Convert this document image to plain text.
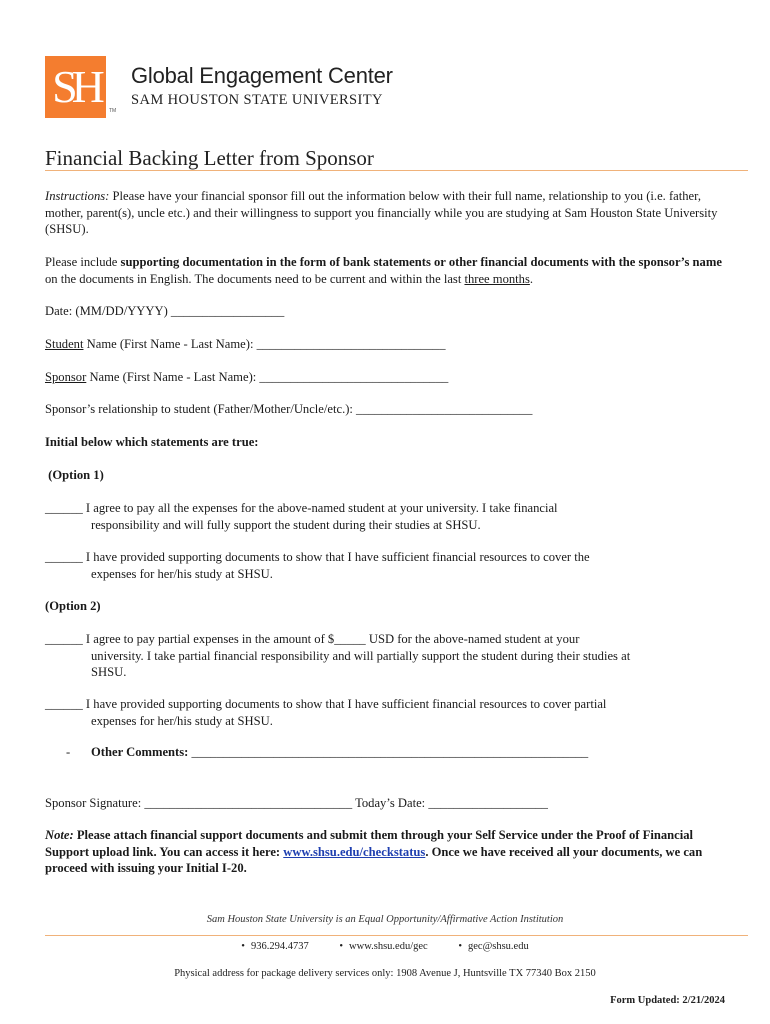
SH	TM
Global Engagement Center
SAM HOUSTON STATE UNIVERSITY
Financial Backing Letter from Sponsor
Instructions: Please have your financial sponsor fill out the information below with their full name, relationship to you (i.e. father, mother, parent(s), uncle etc.) and their willingness to support you financially while you are studying at Sam Houston State University (SHSU).
Please include supporting documentation in the form of bank statements or other financial documents with the sponsor’s name on the documents in English. The documents need to be current and within the last three months.
Date: (MM/DD/YYYY) __________________
Student Name (First Name - Last Name): ______________________________
Sponsor Name (First Name - Last Name): ______________________________
Sponsor’s relationship to student (Father/Mother/Uncle/etc.): ____________________________
Initial below which statements are true:
(Option 1)
______ I agree to pay all the expenses for the above-named student at your university. I take financial
responsibility and will fully support the student during their studies at SHSU.
______ I have provided supporting documents to show that I have sufficient financial resources to cover the
expenses for her/his study at SHSU.
(Option 2)
______ I agree to pay partial expenses in the amount of $_____ USD for the above-named student at your
university. I take partial financial responsibility and will partially support the student during their studies at
SHSU.
______ I have provided supporting documents to show that I have sufficient financial resources to cover partial
expenses for her/his study at SHSU.
- Other Comments: _______________________________________________________________
Sponsor Signature: _________________________________ Today’s Date: ___________________
Note: Please attach financial support documents and submit them through your Self Service under the Proof of Financial Support upload link. You can access it here: www.shsu.edu/checkstatus. Once we have received all your documents, we can proceed with issuing your Initial I-20.
Sam Houston State University is an Equal Opportunity/Affirmative Action Institution
• 936.294.4737	• www.shsu.edu/gec	• gec@shsu.edu
Physical address for package delivery services only: 1908 Avenue J, Huntsville TX 77340 Box 2150
Form Updated: 2/21/2024
